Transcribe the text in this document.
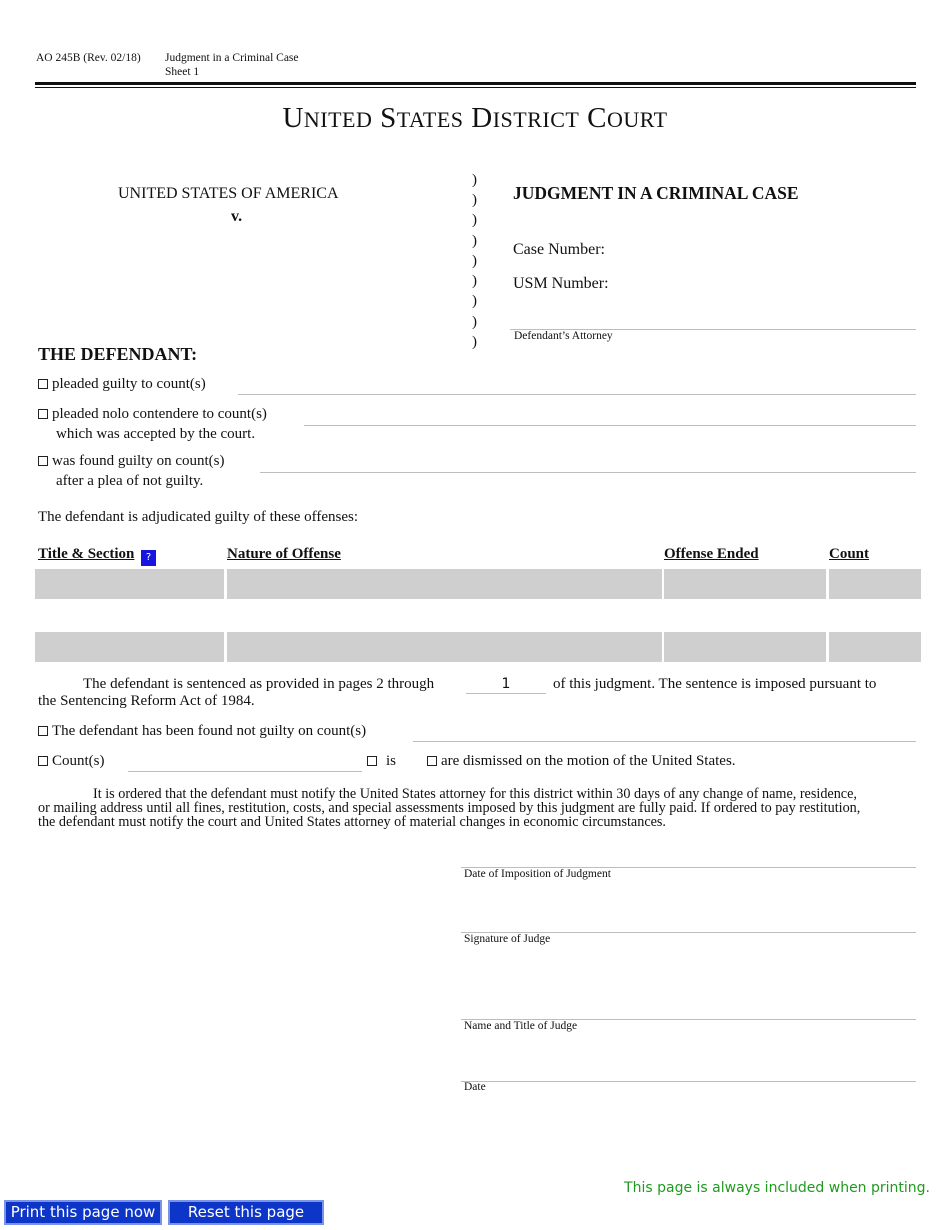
AO 245B (Rev. 02/18) Judgment in a Criminal Case
Sheet 1
UNITED STATES DISTRICT COURT
UNITED STATES OF AMERICA
v.
)
)
)
)
)
)
)
)
)
JUDGMENT IN A CRIMINAL CASE
Case Number:
USM Number:
Defendant’s Attorney
THE DEFENDANT:
pleaded guilty to count(s)
pleaded nolo contendere to count(s)
which was accepted by the court.
was found guilty on count(s)
after a plea of not guilty.
The defendant is adjudicated guilty of these offenses:
Title & Section	?	Nature of Offense	Offense Ended	Count
The defendant is sentenced as provided in pages 2 through	1	of this judgment. The sentence is imposed pursuant to
the Sentencing Reform Act of 1984.
The defendant has been found not guilty on count(s)
Count(s)	is	are dismissed on the motion of the United States.
It is ordered that the defendant must notify the United States attorney for this district within 30 days of any change of name, residence,
or mailing address until all fines, restitution, costs, and special assessments imposed by this judgment are fully paid. If ordered to pay restitution,
the defendant must notify the court and United States attorney of material changes in economic circumstances.
Date of Imposition of Judgment
Signature of Judge
Name and Title of Judge
Date
This page is always included when printing.
Print this page now	Reset this page
